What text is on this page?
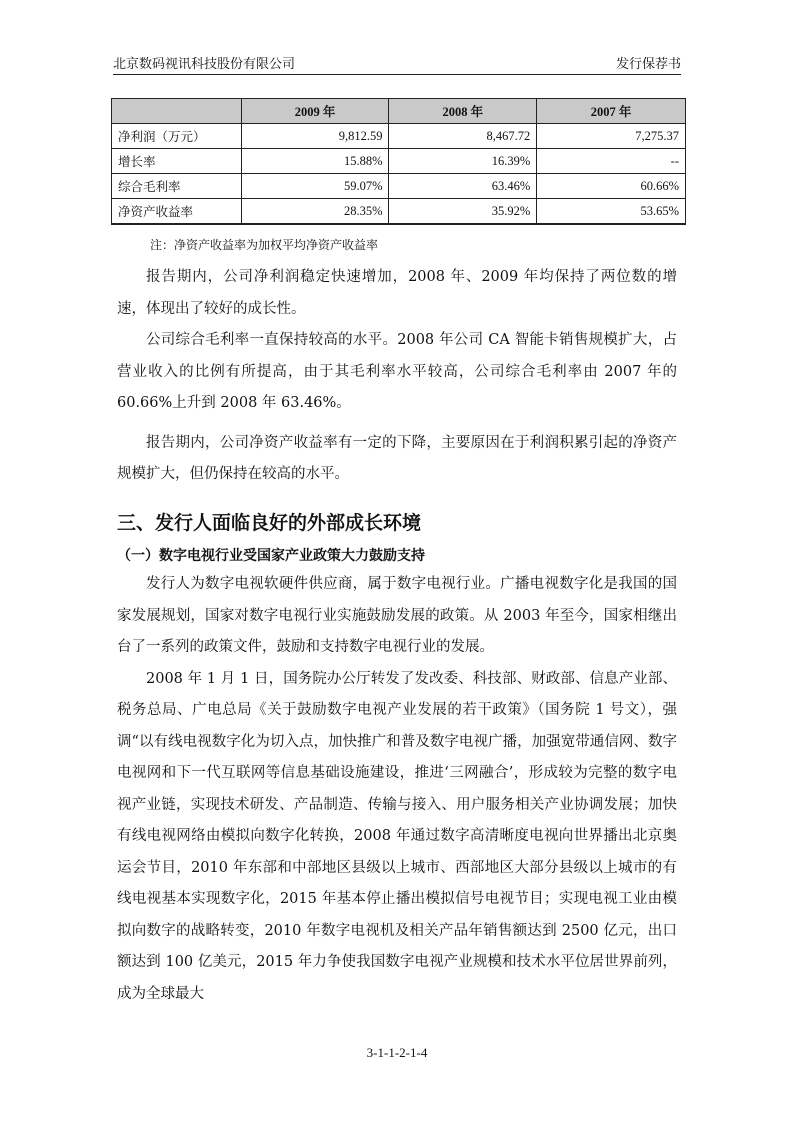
北京数码视讯科技股份有限公司	发行保荐书
	2009 年	2008 年	2007 年
净利润（万元）	9,812.59	8,467.72	7,275.37
增长率	15.88%	16.39%	--
综合毛利率	59.07%	63.46%	60.66%
净资产收益率	28.35%	35.92%	53.65%
注：净资产收益率为加权平均净资产收益率

报告期内，公司净利润稳定快速增加，2008 年、2009 年均保持了两位数的增速，体现出了较好的成长性。

公司综合毛利率一直保持较高的水平。2008 年公司 CA 智能卡销售规模扩大，占营业收入的比例有所提高，由于其毛利率水平较高，公司综合毛利率由 2007 年的 60.66%上升到 2008 年 63.46%。

报告期内，公司净资产收益率有一定的下降，主要原因在于利润积累引起的净资产规模扩大，但仍保持在较高的水平。

三、发行人面临良好的外部成长环境
（一）数字电视行业受国家产业政策大力鼓励支持

发行人为数字电视软硬件供应商，属于数字电视行业。广播电视数字化是我国的国家发展规划，国家对数字电视行业实施鼓励发展的政策。从 2003 年至今，国家相继出台了一系列的政策文件，鼓励和支持数字电视行业的发展。

2008 年 1 月 1 日，国务院办公厅转发了发改委、科技部、财政部、信息产业部、税务总局、广电总局《关于鼓励数字电视产业发展的若干政策》（国务院 1 号文），强调“以有线电视数字化为切入点，加快推广和普及数字电视广播，加强宽带通信网、数字电视网和下一代互联网等信息基础设施建设，推进‘三网融合’，形成较为完整的数字电视产业链，实现技术研发、产品制造、传输与接入、用户服务相关产业协调发展；加快有线电视网络由模拟向数字化转换，2008 年通过数字高清晰度电视向世界播出北京奥运会节目，2010 年东部和中部地区县级以上城市、西部地区大部分县级以上城市的有线电视基本实现数字化，2015 年基本停止播出模拟信号电视节目；实现电视工业由模拟向数字的战略转变，2010 年数字电视机及相关产品年销售额达到 2500 亿元，出口额达到 100 亿美元，2015 年力争使我国数字电视产业规模和技术水平位居世界前列，成为全球最大

3-1-1-2-1-4
